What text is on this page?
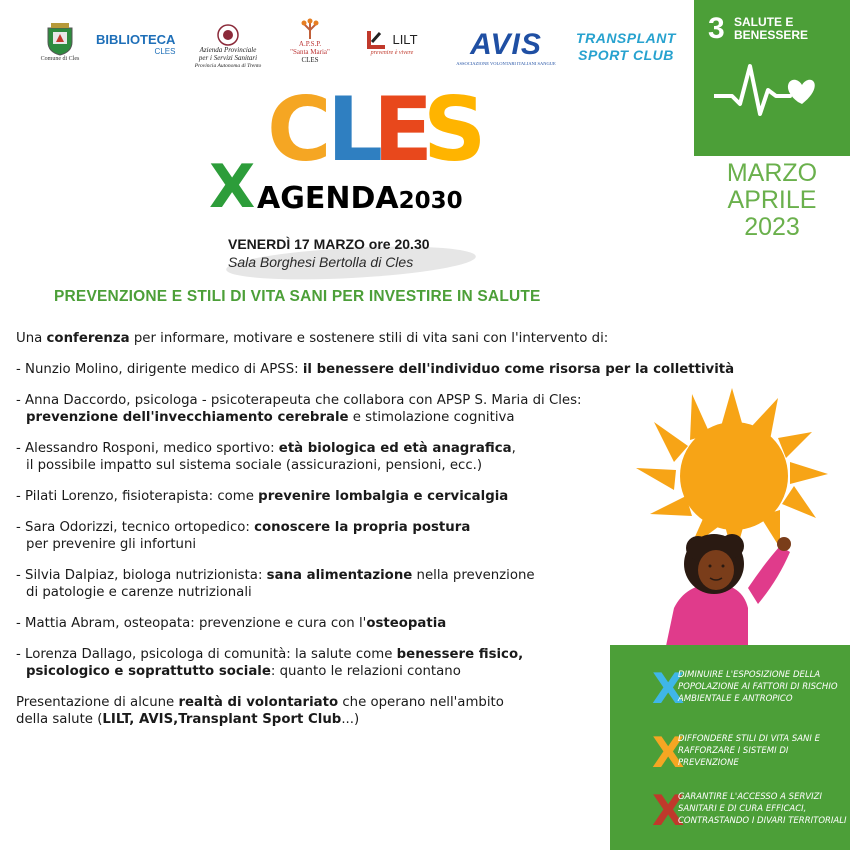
Comune di Cles
BIBLIOTECA
CLES	Azienda Provinciale
per i Servizi Sanitari
Provincia Autonoma di Trento
A.P.S.P.
"Santa Maria"
CLES
LILT
prevenire è vivere AVIS
ASSOCIAZIONE VOLONTARI ITALIANI SANGUE
TRANSPLANT
SPORT CLUB
3 SALUTE E
BENESSERE
MARZO
APRILE
2023
C
L
E
S
X AGENDA2030
VENERDÌ 17 MARZO ore 20.30
Sala Borghesi Bertolla di Cles
PREVENZIONE E STILI DI VITA SANI PER INVESTIRE IN SALUTE
Una conferenza per informare, motivare e sostenere stili di vita sani con l'intervento di:
- Nunzio Molino, dirigente medico di APSS: il benessere dell'individuo come risorsa per la collettività
- Anna Daccordo, psicologa - psicoterapeuta che collabora con APSP S. Maria di Cles:
prevenzione dell'invecchiamento cerebrale e stimolazione cognitiva
- Alessandro Rosponi, medico sportivo: età biologica ed età anagrafica,
il possibile impatto sul sistema sociale (assicurazioni, pensioni, ecc.)
- Pilati Lorenzo, fisioterapista: come prevenire lombalgia e cervicalgia
- Sara Odorizzi, tecnico ortopedico: conoscere la propria postura
per prevenire gli infortuni
- Silvia Dalpiaz, biologa nutrizionista: sana alimentazione nella prevenzione
di patologie e carenze nutrizionali
- Mattia Abram, osteopata: prevenzione e cura con l'osteopatia
- Lorenza Dallago, psicologa di comunità: la salute come benessere fisico,
psicologico e soprattutto sociale: quanto le relazioni contano
Presentazione di alcune realtà di volontariato che operano nell'ambito
della salute (LILT, AVIS,Transplant Sport Club...)
X
DIMINUIRE L'ESPOSIZIONE DELLA POPOLAZIONE AI FATTORI DI RISCHIO AMBIENTALE E ANTROPICO
X
DIFFONDERE STILI DI VITA SANI E RAFFORZARE I SISTEMI DI PREVENZIONE
X
GARANTIRE L'ACCESSO A SERVIZI SANITARI E DI CURA EFFICACI, CONTRASTANDO I DIVARI TERRITORIALI
